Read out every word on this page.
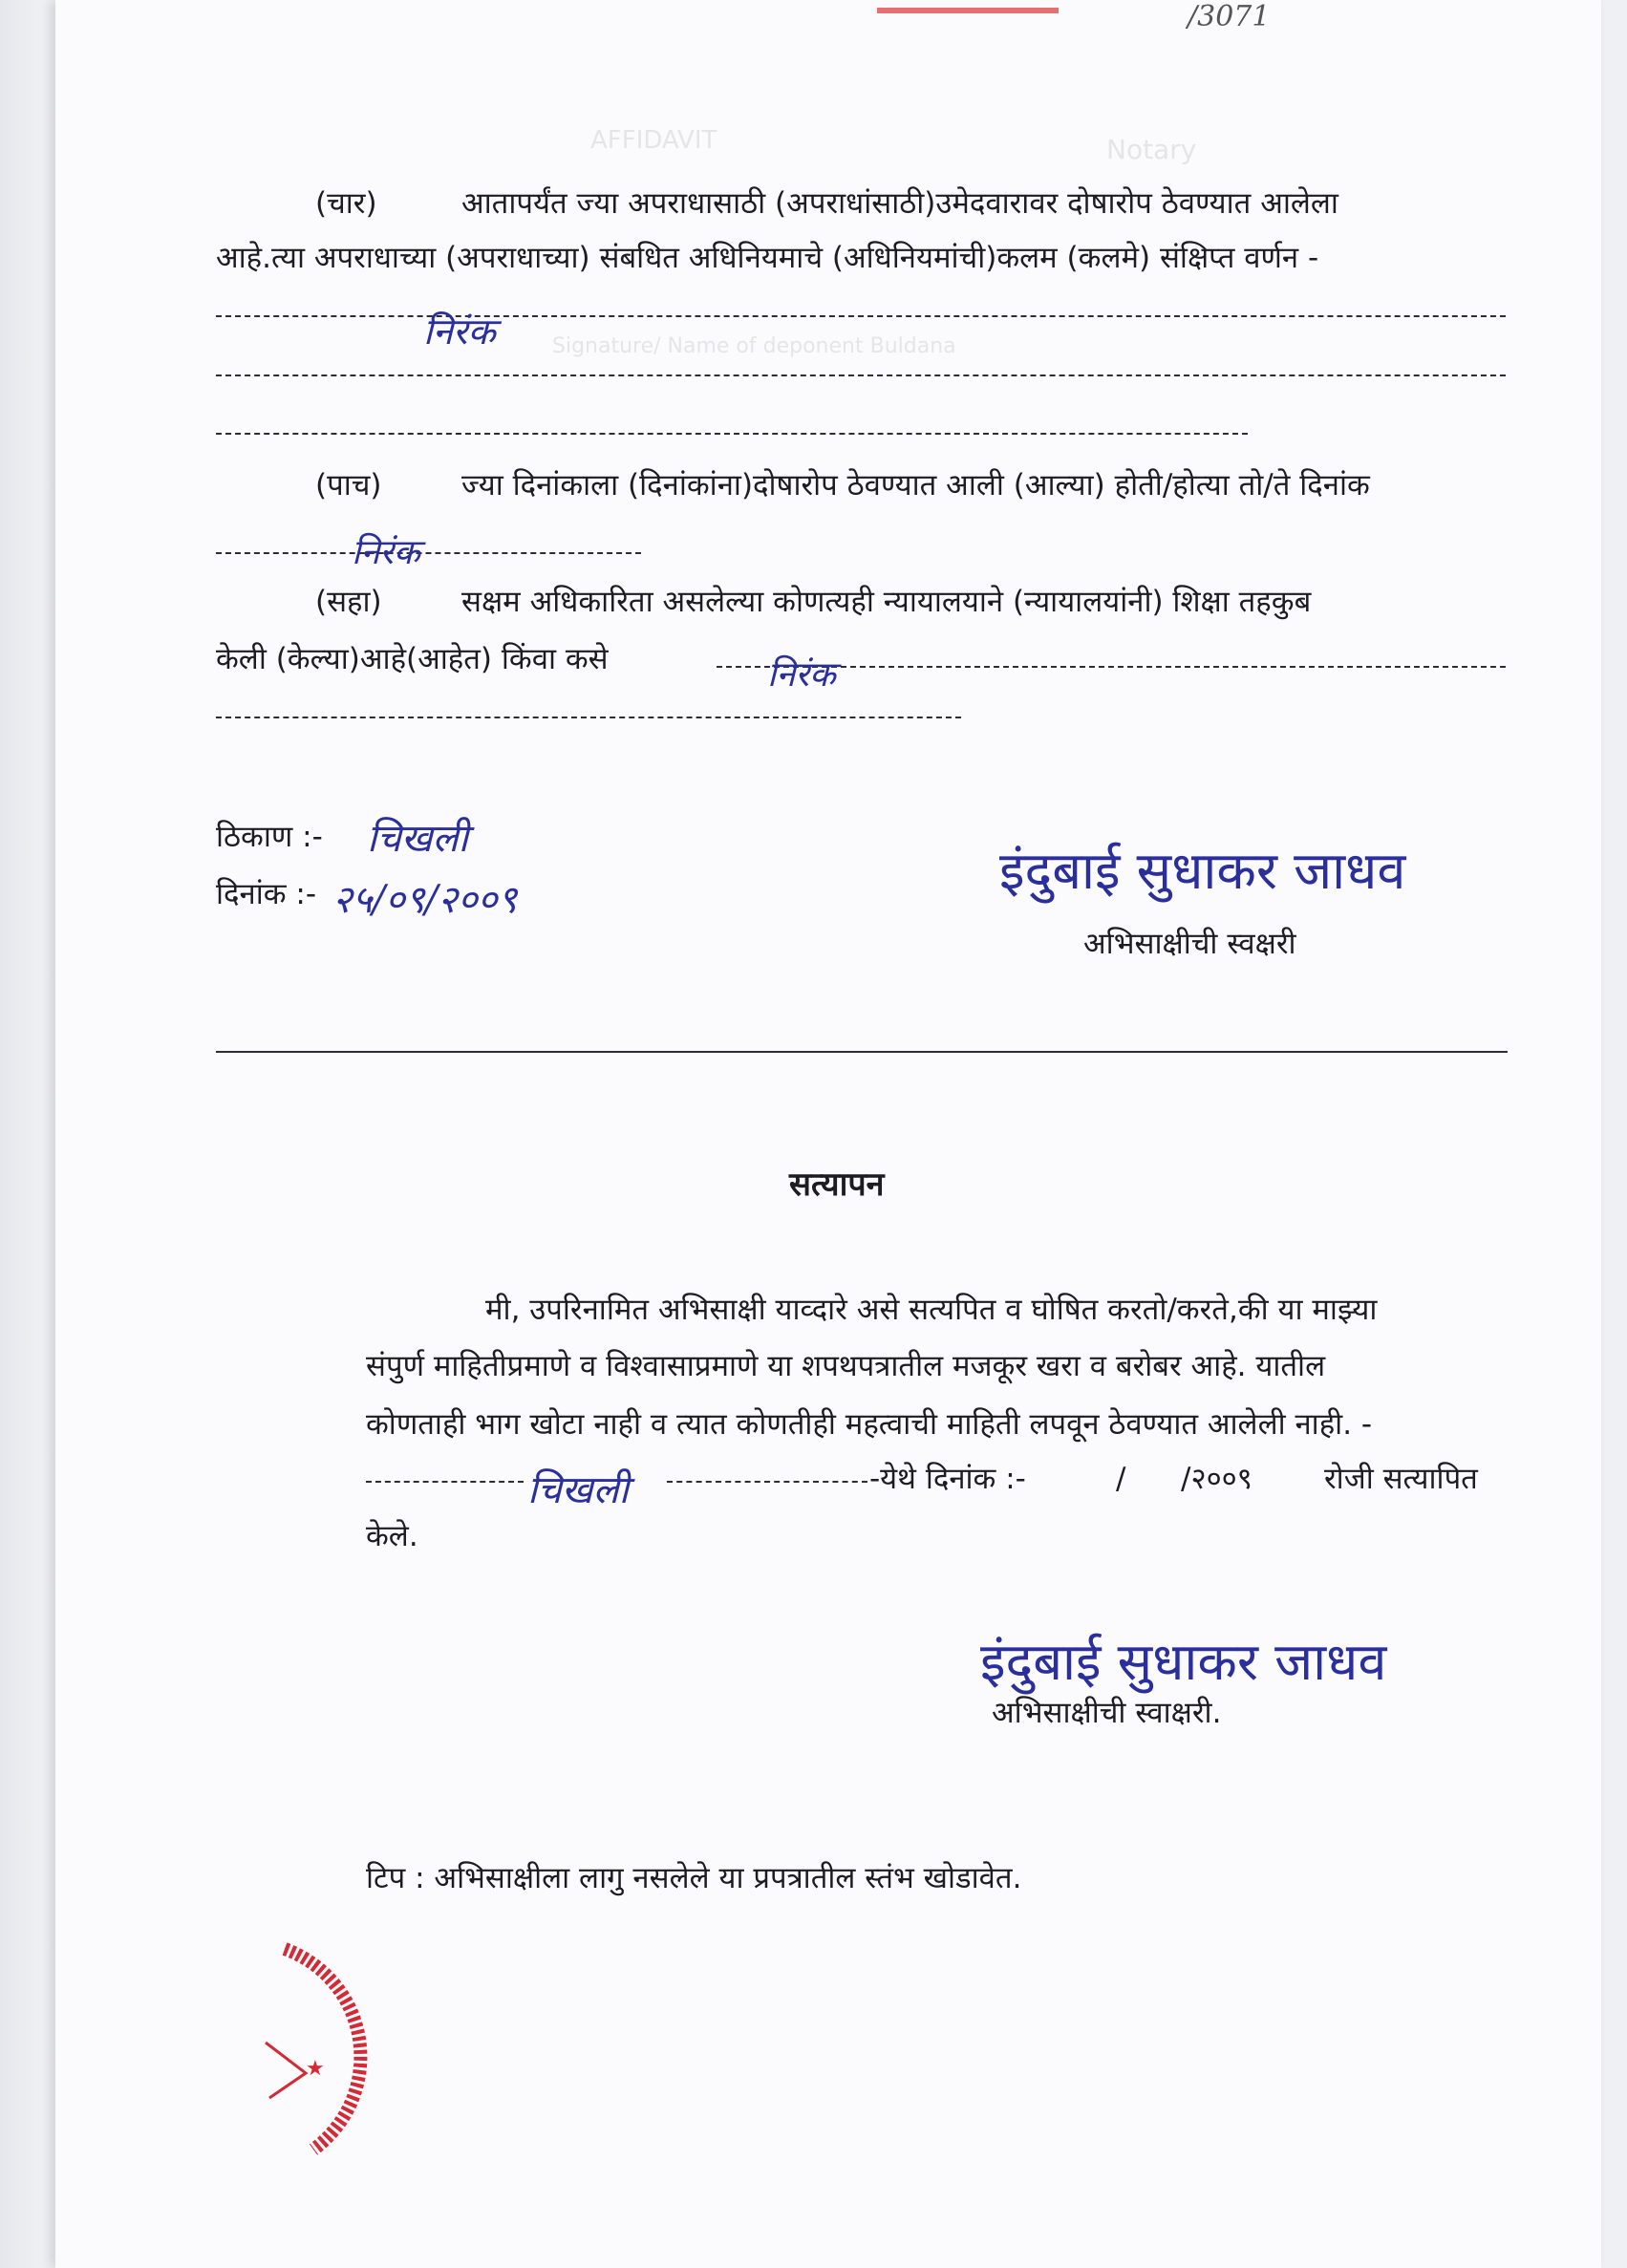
AFFIDAVIT	Notary
Signature/ Name of deponent Buldana
/3071
(चार)	आतापर्यंत ज्या अपराधासाठी (अपराधांसाठी)उमेदवारावर दोषारोप ठेवण्यात आलेला
आहे.त्या अपराधाच्या (अपराधाच्या) संबधित अधिनियमाचे (अधिनियमांची)कलम (कलमे) संक्षिप्त वर्णन -
निरंक
(पाच)	ज्या दिनांकाला (दिनांकांना)दोषारोप ठेवण्यात आली (आल्या) होती/होत्या तो/ते दिनांक
निरंक
(सहा)	सक्षम अधिकारिता असलेल्या कोणत्यही न्यायालयाने (न्यायालयांनी) शिक्षा तहकुब
केली (केल्या)आहे(आहेत) किंवा कसे	निरंक
ठिकाण :- चिखली
दिनांक :- २५/०९/२००९	इंदुबाई सुधाकर जाधव
अभिसाक्षीची स्वक्षरी
सत्यापन
मी, उपरिनामित अभिसाक्षी याव्दारे असे सत्यपित व घोषित करतो/करते,की या माझ्या
संपुर्ण माहितीप्रमाणे व विश्वासाप्रमाणे या शपथपत्रातील मजकूर खरा व बरोबर आहे. यातील
कोणताही भाग खोटा नाही व त्यात कोणतीही महत्वाची माहिती लपवून ठेवण्यात आलेली नाही. -
चिखली	-येथे दिनांक :-	/ /२००९ रोजी सत्यापित
केले.
इंदुबाई सुधाकर जाधव
अभिसाक्षीची स्वाक्षरी.
टिप : अभिसाक्षीला लागु नसलेले या प्रपत्रातील स्तंभ खोडावेत.
★
